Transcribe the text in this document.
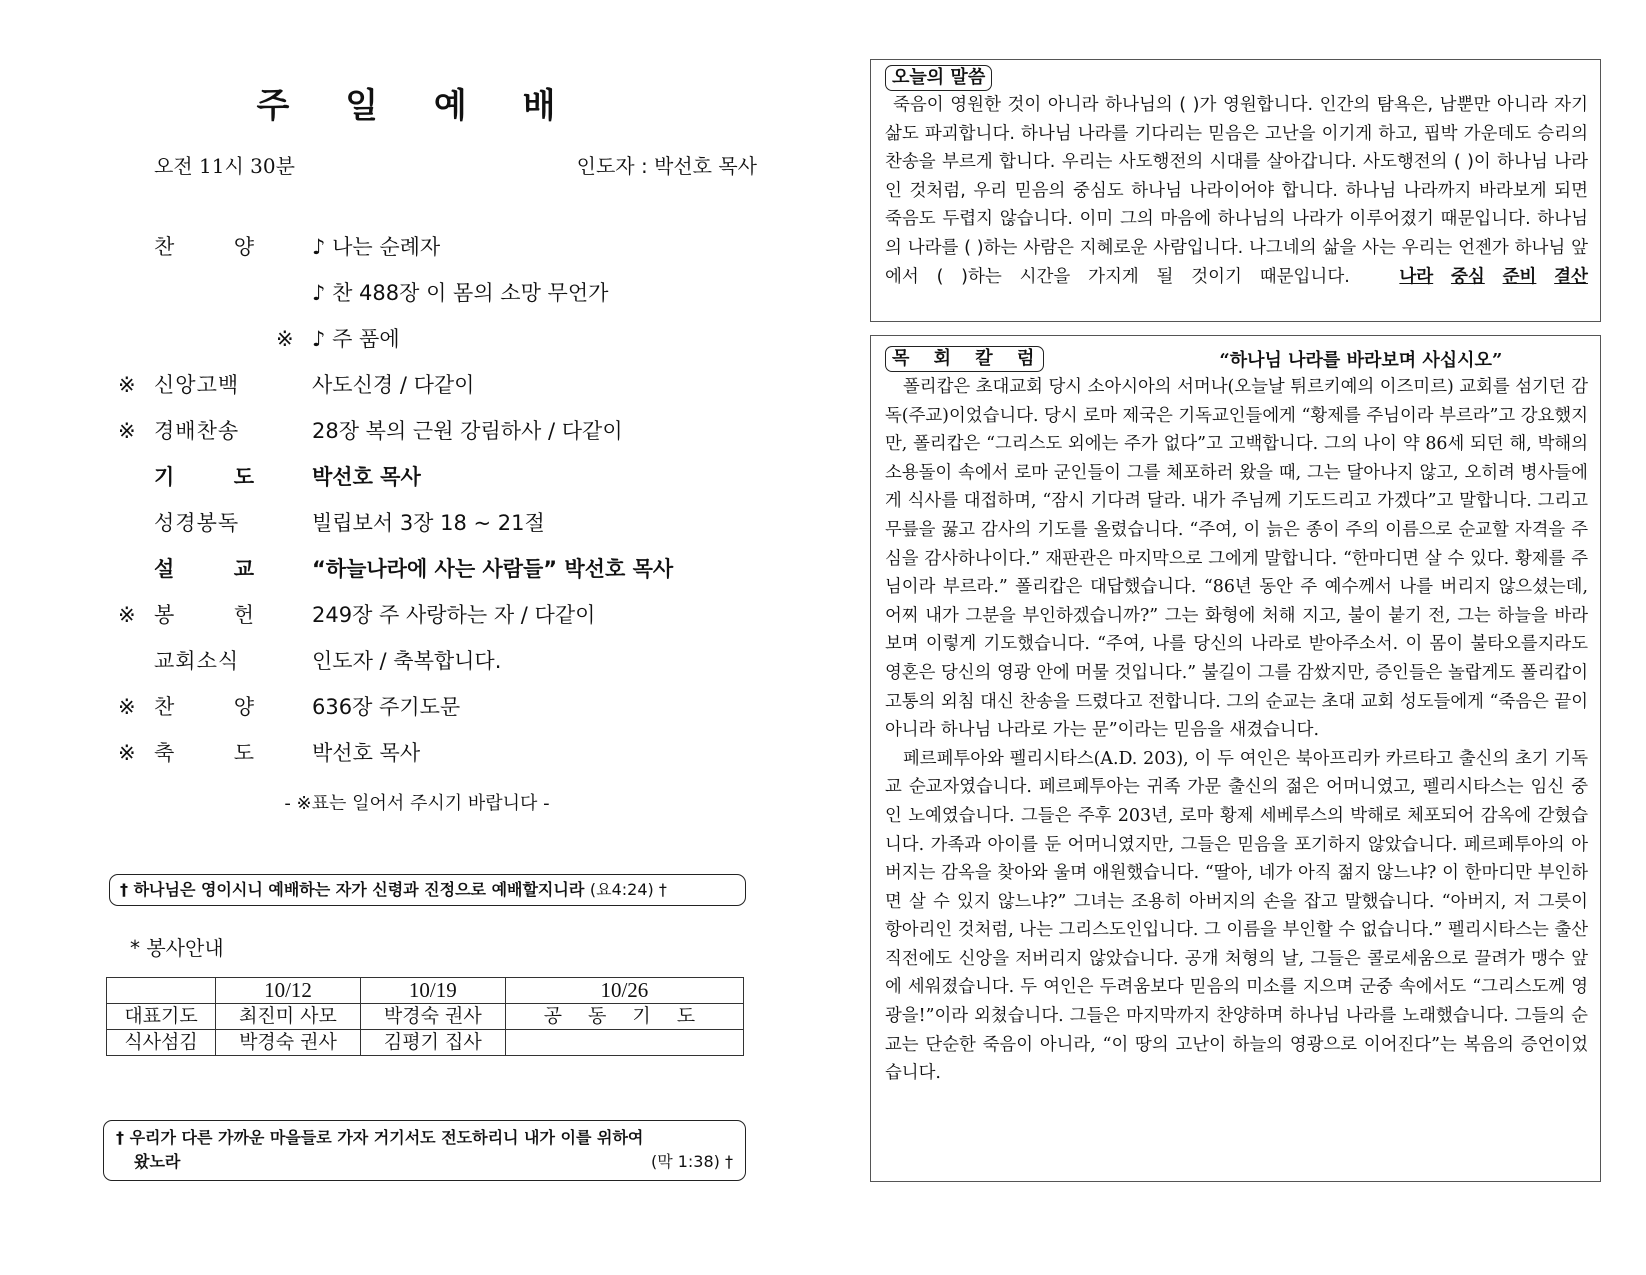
주 일 예 배
오전 11시 30분	인도자 : 박선호 목사
찬	양	♪ 나는 순례자
♪ 찬 488장 이 몸의 소망 무언가
※ ♪ 주 품에
※ 신앙고백	사도신경 / 다같이
※ 경배찬송	28장 복의 근원 강림하사 / 다같이
기	도	박선호 목사
성경봉독	빌립보서 3장 18 ~ 21절
설	교	“하늘나라에 사는 사람들” 박선호 목사
※ 봉	헌	249장 주 사랑하는 자 / 다같이
교회소식	인도자 / 축복합니다.
※ 찬	양	636장 주기도문
※ 축	도	박선호 목사
- ※표는 일어서 주시기 바랍니다 -
† 하나님은 영이시니 예배하는 자가 신령과 진정으로 예배할지니라 (요4:24) †
* 봉사안내
	10/12	10/19	10/26
대표기도	최진미 사모	박경숙 권사	공 동 기 도
식사섬김	박경숙 권사	김평기 집사	
† 우리가 다른 가까운 마을들로 가자 거기서도 전도하리니 내가 이를 위하여
왔노라	(막 1:38) †
오늘의 말씀

죽음이 영원한 것이 아니라 하나님의 ( )가 영원합니다. 인간의 탐욕은, 남뿐만 아니라 자기 삶도 파괴합니다. 하나님 나라를 기다리는 믿음은 고난을 이기게 하고, 핍박 가운데도 승리의 찬송을 부르게 합니다. 우리는 사도행전의 시대를 살아갑니다. 사도행전의 ( )이 하나님 나라인 것처럼, 우리 믿음의 중심도 하나님 나라이어야 합니다. 하나님 나라까지 바라보게 되면 죽음도 두렵지 않습니다. 이미 그의 마음에 하나님의 나라가 이루어졌기 때문입니다. 하나님의 나라를 ( )하는 사람은 지혜로운 사람입니다. 나그네의 삶을 사는 우리는 언젠가 하나님 앞에서 ( )하는 시간을 가지게 될 것이기 때문입니다.	나라 중심 준비 결산

목 회 칼 럼	“하나님 나라를 바라보며 사십시오”

폴리캅은 초대교회 당시 소아시아의 서머나(오늘날 튀르키예의 이즈미르) 교회를 섬기던 감독(주교)이었습니다. 당시 로마 제국은 기독교인들에게 “황제를 주님이라 부르라”고 강요했지만, 폴리캅은 “그리스도 외에는 주가 없다”고 고백합니다. 그의 나이 약 86세 되던 해, 박해의 소용돌이 속에서 로마 군인들이 그를 체포하러 왔을 때, 그는 달아나지 않고, 오히려 병사들에게 식사를 대접하며, “잠시 기다려 달라. 내가 주님께 기도드리고 가겠다”고 말합니다. 그리고 무릎을 꿇고 감사의 기도를 올렸습니다. “주여, 이 늙은 종이 주의 이름으로 순교할 자격을 주심을 감사하나이다.” 재판관은 마지막으로 그에게 말합니다. “한마디면 살 수 있다. 황제를 주님이라 부르라.” 폴리캅은 대답했습니다. “86년 동안 주 예수께서 나를 버리지 않으셨는데, 어찌 내가 그분을 부인하겠습니까?” 그는 화형에 처해 지고, 불이 붙기 전, 그는 하늘을 바라보며 이렇게 기도했습니다. “주여, 나를 당신의 나라로 받아주소서. 이 몸이 불타오를지라도 영혼은 당신의 영광 안에 머물 것입니다.” 불길이 그를 감쌌지만, 증인들은 놀랍게도 폴리캅이 고통의 외침 대신 찬송을 드렸다고 전합니다. 그의 순교는 초대 교회 성도들에게 “죽음은 끝이 아니라 하나님 나라로 가는 문”이라는 믿음을 새겼습니다.

페르페투아와 펠리시타스(A.D. 203), 이 두 여인은 북아프리카 카르타고 출신의 초기 기독교 순교자였습니다. 페르페투아는 귀족 가문 출신의 젊은 어머니였고, 펠리시타스는 임신 중인 노예였습니다. 그들은 주후 203년, 로마 황제 세베루스의 박해로 체포되어 감옥에 갇혔습니다. 가족과 아이를 둔 어머니였지만, 그들은 믿음을 포기하지 않았습니다. 페르페투아의 아버지는 감옥을 찾아와 울며 애원했습니다. “딸아, 네가 아직 젊지 않느냐? 이 한마디만 부인하면 살 수 있지 않느냐?” 그녀는 조용히 아버지의 손을 잡고 말했습니다. “아버지, 저 그릇이 항아리인 것처럼, 나는 그리스도인입니다. 그 이름을 부인할 수 없습니다.” 펠리시타스는 출산 직전에도 신앙을 저버리지 않았습니다. 공개 처형의 날, 그들은 콜로세움으로 끌려가 맹수 앞에 세워졌습니다. 두 여인은 두려움보다 믿음의 미소를 지으며 군중 속에서도 “그리스도께 영광을!”이라 외쳤습니다. 그들은 마지막까지 찬양하며 하나님 나라를 노래했습니다. 그들의 순교는 단순한 죽음이 아니라, “이 땅의 고난이 하늘의 영광으로 이어진다”는 복음의 증언이었습니다.
